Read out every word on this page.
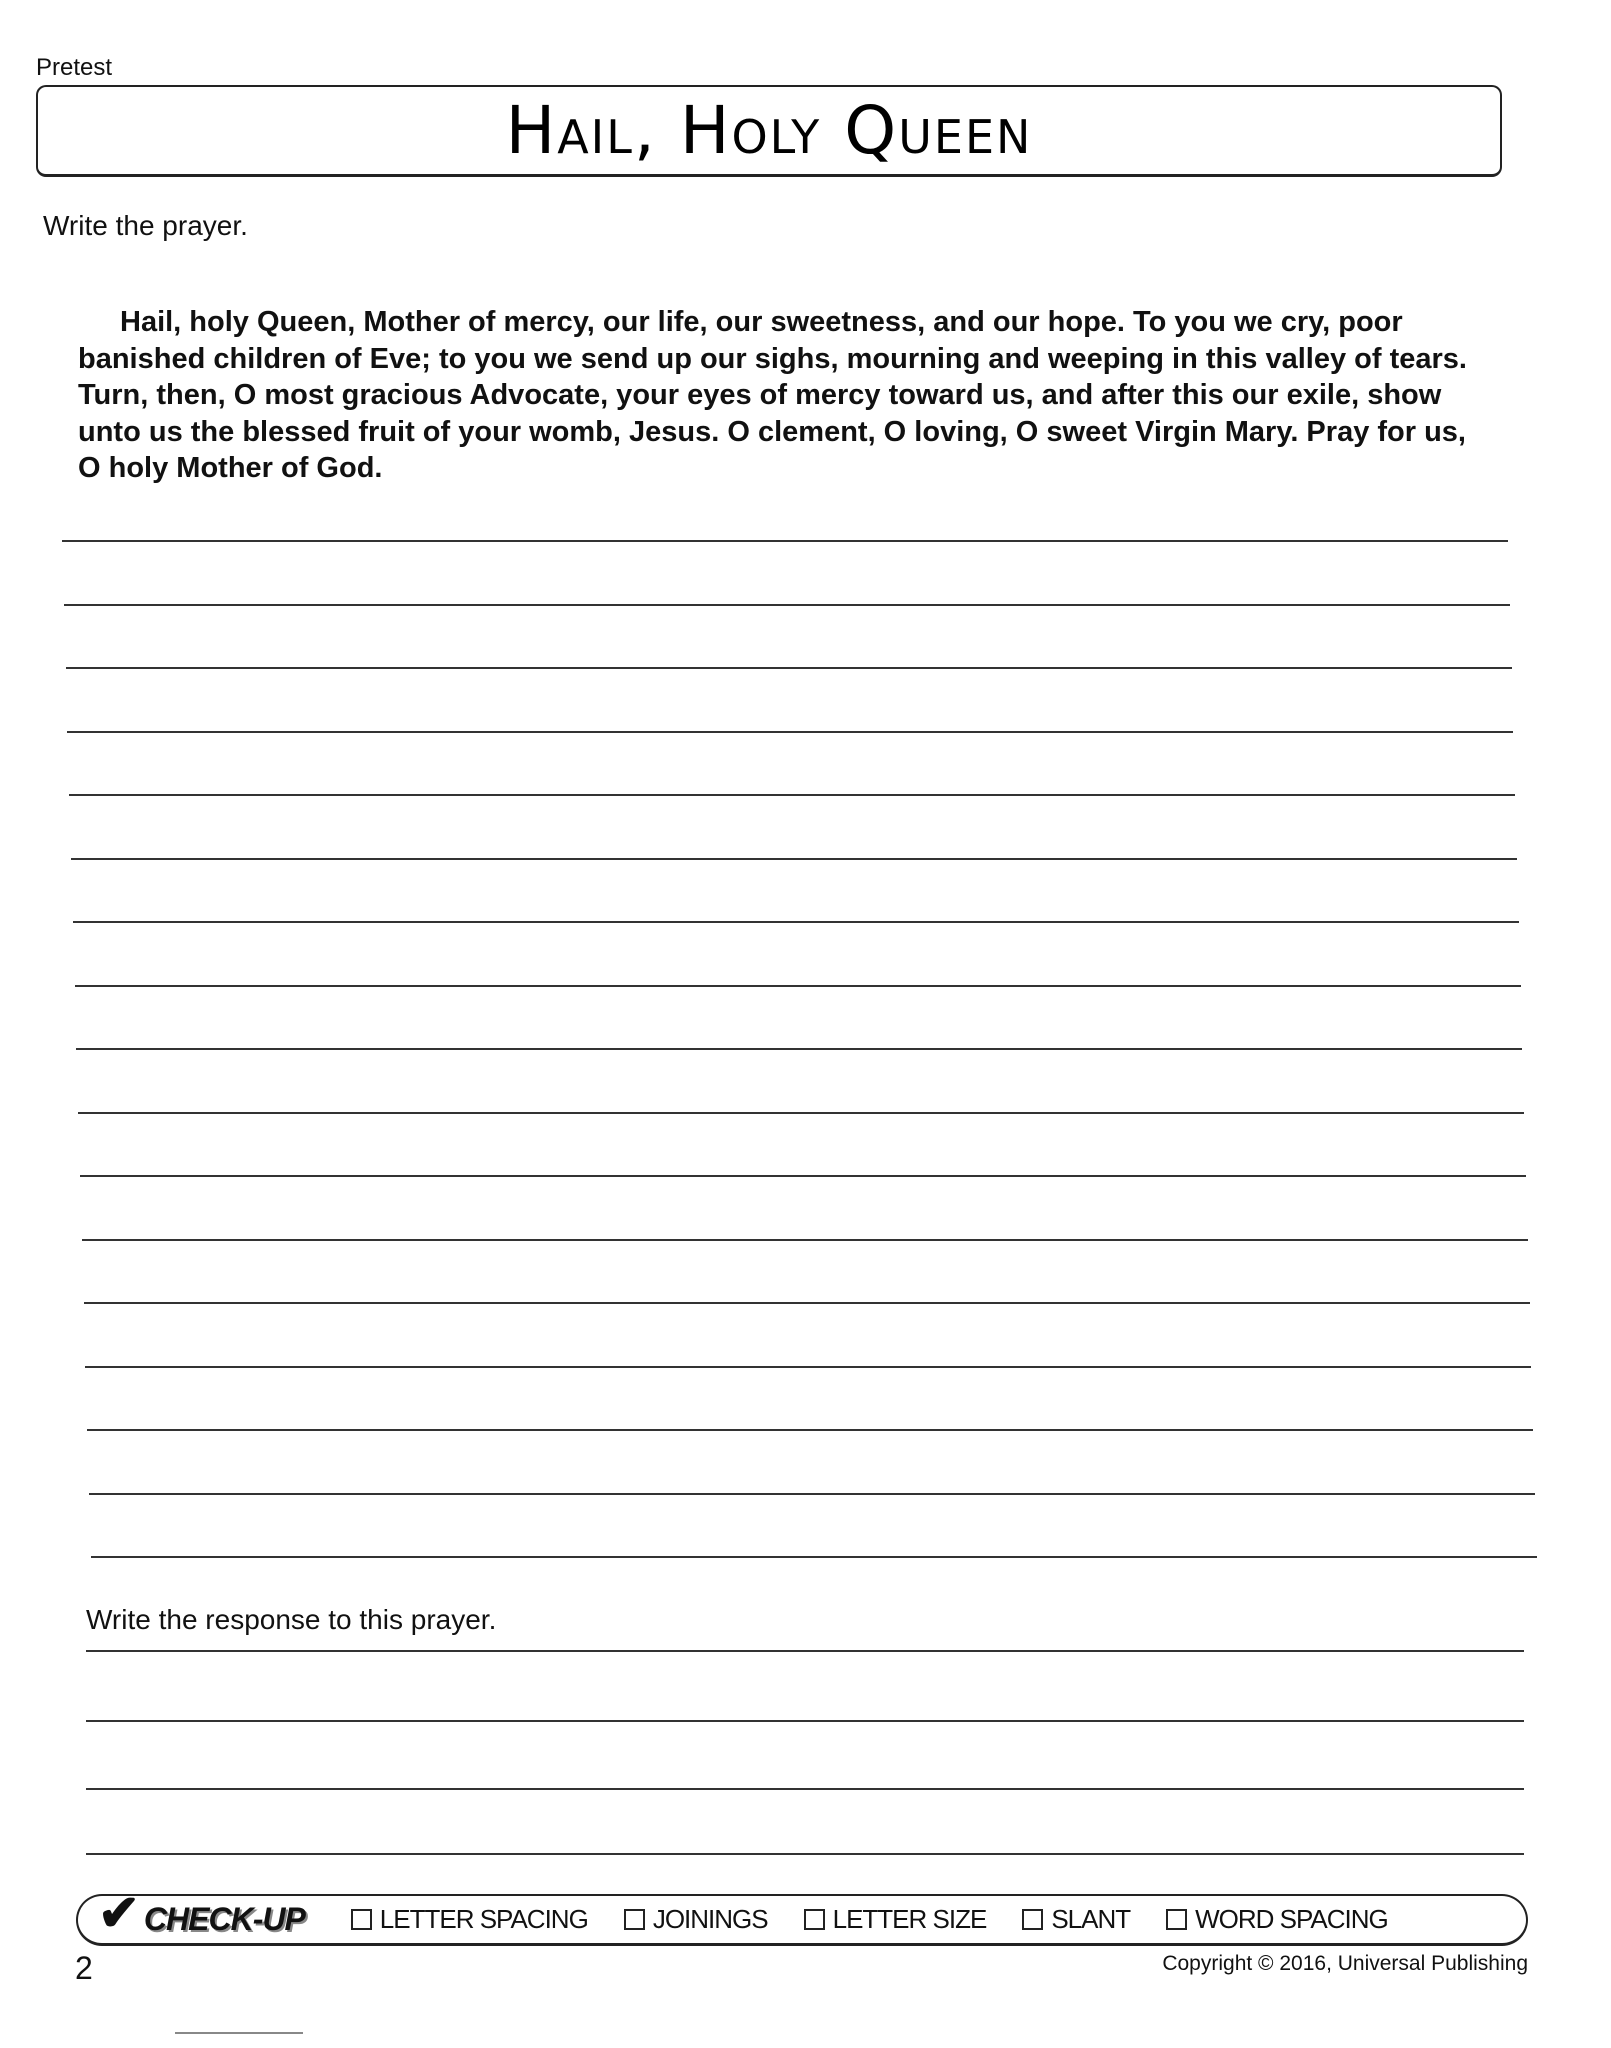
Pretest
Hail, Holy Queen
Write the prayer.
Hail, holy Queen, Mother of mercy, our life, our sweetness, and our hope. To you we cry, poor banished children of Eve; to you we send up our sighs, mourning and weeping in this valley of tears. Turn, then, O most gracious Advocate, your eyes of mercy toward us, and after this our exile, show unto us the blessed fruit of your womb, Jesus. O clement, O loving, O sweet Virgin Mary. Pray for us, O holy Mother of God.
Write the response to this prayer.
✔ CHECK-UP	LETTER SPACING	JOININGS	LETTER SIZE	SLANT	WORD SPACING
2	Copyright © 2016, Universal Publishing
